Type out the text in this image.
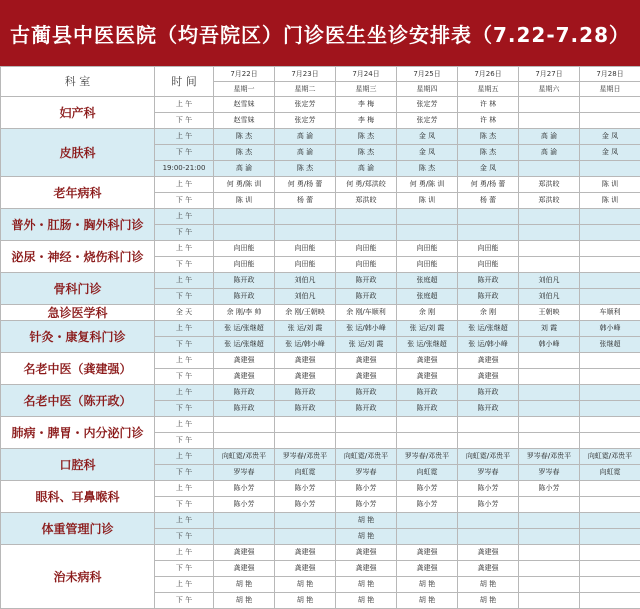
古蔺县中医医院（均吾院区）门诊医生坐诊安排表（7.22-7.28）
科 室	时 间	7月22日	7月23日	7月24日	7月25日	7月26日	7月27日	7月28日
		星期一	星期二	星期三	星期四	星期五	星期六	星期日
妇产科	上 午	赵雪妹	张定芳	李 梅	张定芳	许 林		
	下 午	赵雪妹	张定芳	李 梅	张定芳	许 林		
皮肤科	上 午	陈 杰	高 渝	陈 杰	金 凤	陈 杰	高 渝	金 凤
	下 午	陈 杰	高 渝	陈 杰	金 凤	陈 杰	高 渝	金 凤
	19:00-21:00	高 渝	陈 杰	高 渝	陈 杰	金 凤		
老年病科	上 午	何 勇/陈 训	何 勇/杨 蕾	何 勇/郑洪皎	何 勇/陈 训	何 勇/杨 蕾	郑洪皎	陈 训
	下 午	陈 训	杨 蕾	郑洪皎	陈 训	杨 蕾	郑洪皎	陈 训
普外・肛肠・胸外科门诊	上 午							
	下 午							
泌尿・神经・烧伤科门诊	上 午	向田能	向田能	向田能	向田能	向田能		
	下 午	向田能	向田能	向田能	向田能	向田能		
骨科门诊	上 午	陈开政	刘伯凡	陈开政	张庭超	陈开政	刘伯凡	
	下 午	陈开政	刘伯凡	陈开政	张庭超	陈开政	刘伯凡	
急诊医学科	全 天	余 刚/李 帅	余 刚/王朝映	余 刚/车顺利	余 刚	余 刚	王朝映	车顺利
针灸・康复科门诊	上 午	张 运/张继超	张 运/刘 霞	张 运/韩小峰	张 运/刘 霞	张 运/张继超	刘 霞	韩小峰
	下 午	张 运/张继超	张 运/韩小峰	张 运/刘 霞	张 运/张继超	张 运/韩小峰	韩小峰	张继超
名老中医（龚建强）	上 午	龚建强	龚建强	龚建强	龚建强	龚建强		
	下 午	龚建强	龚建强	龚建强	龚建强	龚建强		
名老中医（陈开政）	上 午	陈开政	陈开政	陈开政	陈开政	陈开政		
	下 午	陈开政	陈开政	陈开政	陈开政	陈开政		
肺病・脾胃・内分泌门诊	上 午							
	下 午							
口腔科	上 午	向虹霓/邓贵平	罗岑春/邓贵平	向虹霓/邓贵平	罗岑春/邓贵平	向虹霓/邓贵平	罗岑春/邓贵平	向虹霓/邓贵平
	下 午	罗岑春	向虹霓	罗岑春	向虹霓	罗岑春	罗岑春	向虹霓
眼科、耳鼻喉科	上 午	陈小芳	陈小芳	陈小芳	陈小芳	陈小芳	陈小芳	
	下 午	陈小芳	陈小芳	陈小芳	陈小芳	陈小芳		
体重管理门诊	上 午			胡 艳				
	下 午			胡 艳				
治未病科	上 午	龚建强	龚建强	龚建强	龚建强	龚建强		
	下 午	龚建强	龚建强	龚建强	龚建强	龚建强		
	上 午	胡 艳	胡 艳	胡 艳	胡 艳	胡 艳		
	下 午	胡 艳	胡 艳	胡 艳	胡 艳	胡 艳		
